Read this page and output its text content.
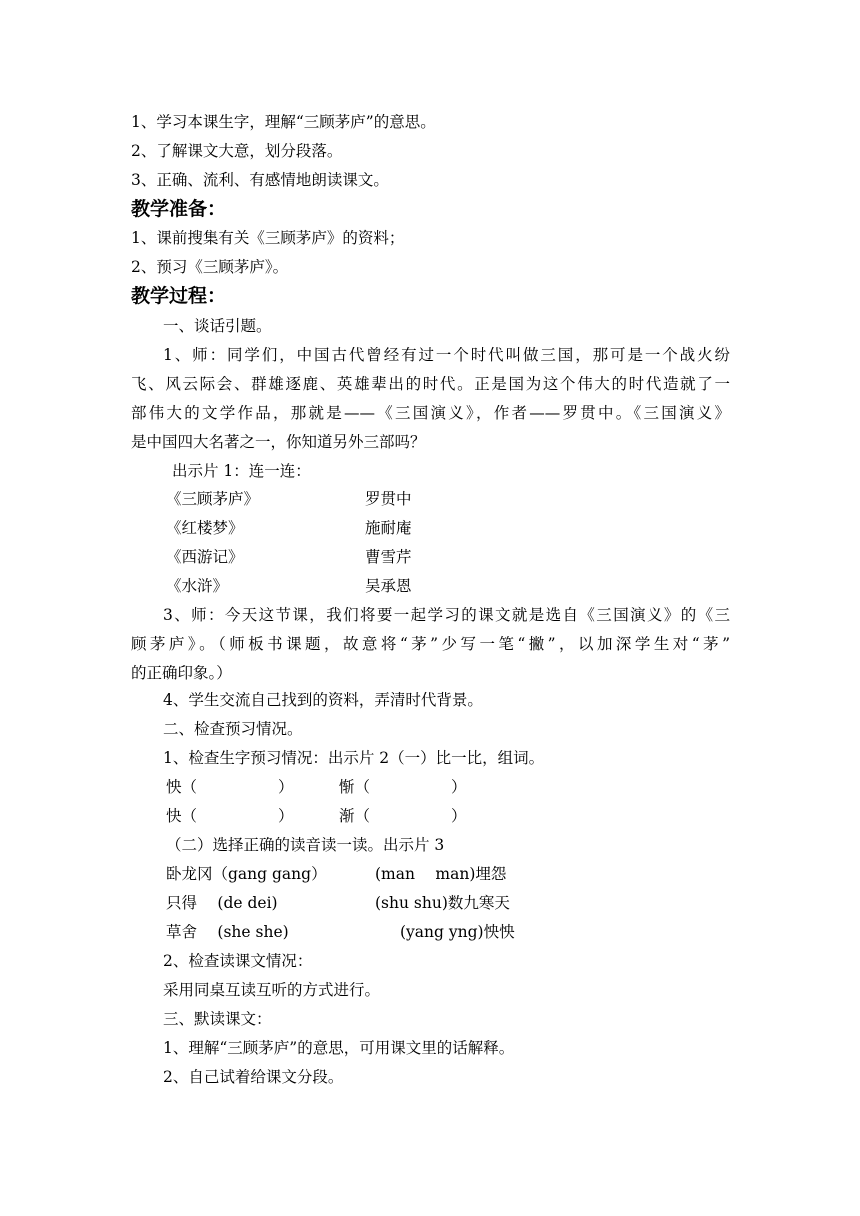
1、学习本课生字，理解“三顾茅庐”的意思。
2、了解课文大意，划分段落。
3、正确、流利、有感情地朗读课文。
教学准备：
1、课前搜集有关《三顾茅庐》的资料；
2、预习《三顾茅庐》。
教学过程：
一、谈话引题。
1、师：同学们，中国古代曾经有过一个时代叫做三国，那可是一个战火纷
飞、风云际会、群雄逐鹿、英雄辈出的时代。正是国为这个伟大的时代造就了一
部伟大的文学作品，那就是——《三国演义》，作者——罗贯中。《三国演义》
是中国四大名著之一，你知道另外三部吗？
出示片 1：连一连：
《三顾茅庐》	罗贯中
《红楼梦》	施耐庵
《西游记》	曹雪芹
《水浒》	吴承恩
3、师：今天这节课，我们将要一起学习的课文就是选自《三国演义》的《三
顾茅庐》。（师板书课题，故意将“茅”少写一笔“撇”，以加深学生对“茅”
的正确印象。）
4、学生交流自己找到的资料，弄清时代背景。
二、检查预习情况。
1、检查生字预习情况：出示片 2（一）比一比，组词。
怏（	）	惭（	）
快（	）	渐（	）
（二）选择正确的读音读一读。出示片 3
卧龙冈（gang gang）	(man　 man)埋怨
只得　 (de dei)	(shu shu)数九寒天
草舍　 (she she)	(yang yng)怏怏
2、检查读课文情况：
采用同桌互读互听的方式进行。
三、默读课文：
1、理解“三顾茅庐”的意思，可用课文里的话解释。
2、自己试着给课文分段。
